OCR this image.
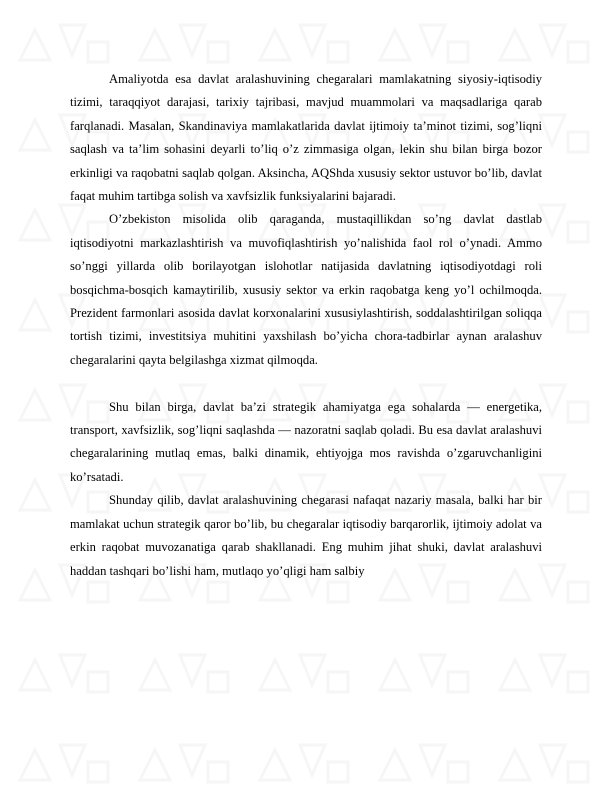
Amaliyotda esa davlat aralashuvining chegaralari mamlakatning siyosiy-iqtisodiy tizimi, taraqqiyot darajasi, tarixiy tajribasi, mavjud muammolari va maqsadlariga qarab farqlanadi. Masalan, Skandinaviya mamlakatlarida davlat ijtimoiy ta’minot tizimi, sog’liqni saqlash va ta’lim sohasini deyarli to’liq o’z zimmasiga olgan, lekin shu bilan birga bozor erkinligi va raqobatni saqlab qolgan. Aksincha, AQShda xususiy sektor ustuvor bo’lib, davlat faqat muhim tartibga solish va xavfsizlik funksiyalarini bajaradi.

O’zbekiston misolida olib qaraganda, mustaqillikdan so’ng davlat dastlab iqtisodiyotni markazlashtirish va muvofiqlashtirish yo’nalishida faol rol o’ynadi. Ammo so’nggi yillarda olib borilayotgan islohotlar natijasida davlatning iqtisodiyotdagi roli bosqichma-bosqich kamaytirilib, xususiy sektor va erkin raqobatga keng yo’l ochilmoqda. Prezident farmonlari asosida davlat korxonalarini xususiylashtirish, soddalashtirilgan soliqqa tortish tizimi, investitsiya muhitini yaxshilash bo’yicha chora-tadbirlar aynan aralashuv chegaralarini qayta belgilashga xizmat qilmoqda.

Shu bilan birga, davlat ba’zi strategik ahamiyatga ega sohalarda — energetika, transport, xavfsizlik, sog’liqni saqlashda — nazoratni saqlab qoladi. Bu esa davlat aralashuvi chegaralarining mutlaq emas, balki dinamik, ehtiyojga mos ravishda o’zgaruvchanligini ko’rsatadi.

Shunday qilib, davlat aralashuvining chegarasi nafaqat nazariy masala, balki har bir mamlakat uchun strategik qaror bo’lib, bu chegaralar iqtisodiy barqarorlik, ijtimoiy adolat va erkin raqobat muvozanatiga qarab shakllanadi. Eng muhim jihat shuki, davlat aralashuvi haddan tashqari bo’lishi ham, mutlaqo yo’qligi ham salbiy
